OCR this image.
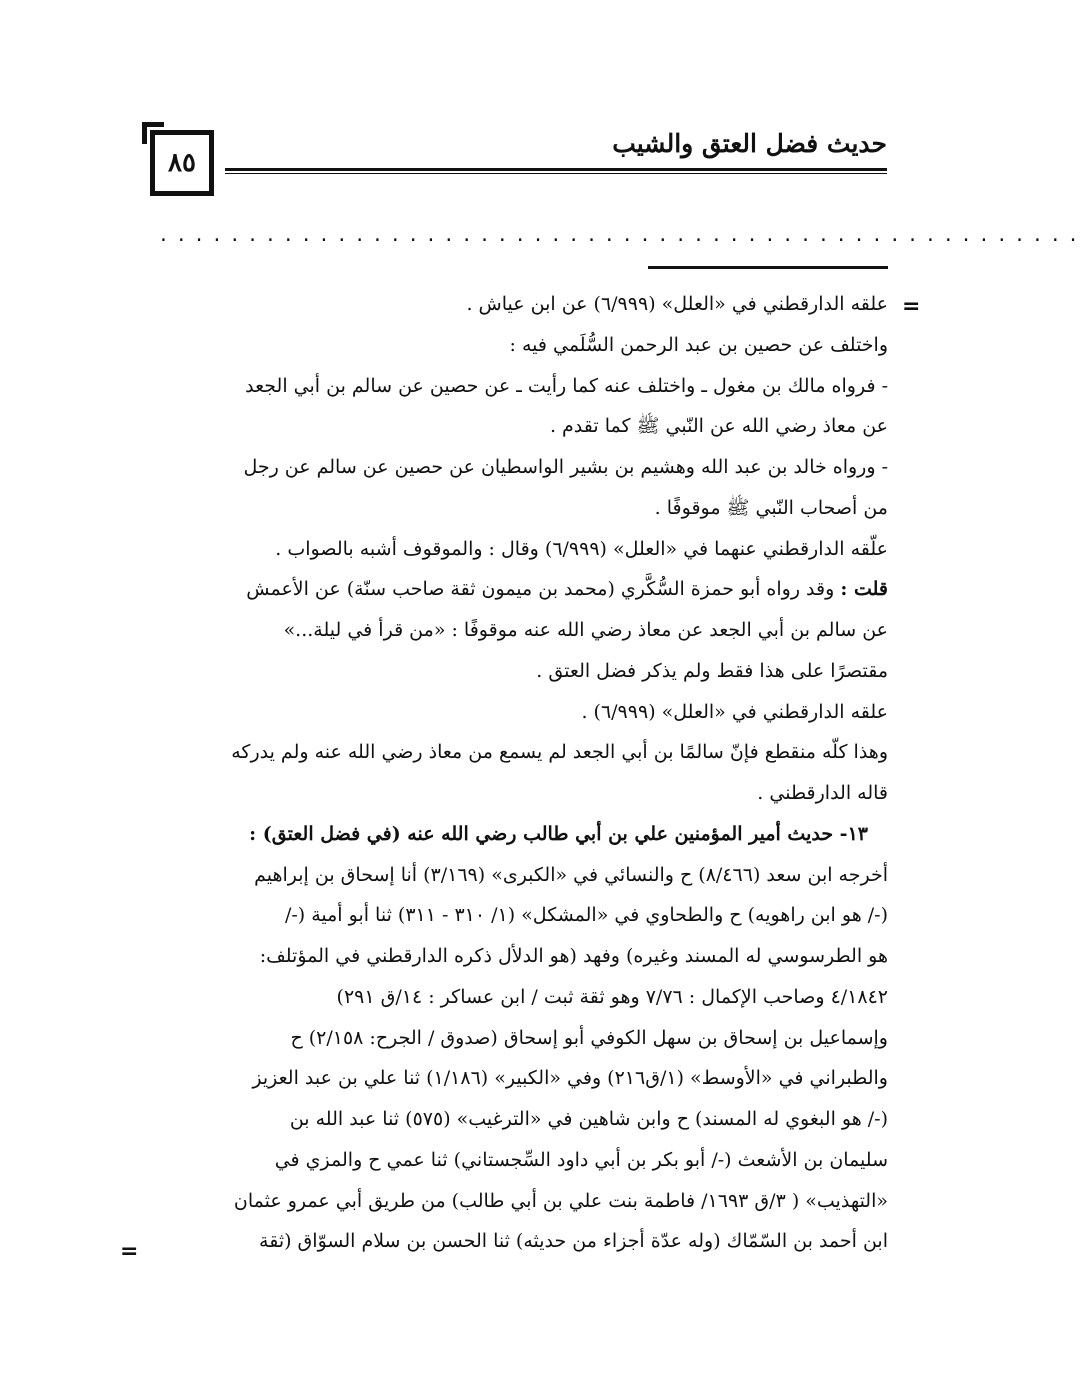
حديث فضل العتق والشيب
٨٥
....................................................
=
=
علقه الدارقطني في «العلل» (٦/٩٩٩) عن ابن عياش .
واختلف عن حصين بن عبد الرحمن السُّلَمي فيه :
- فرواه مالك بن مغول ـ واختلف عنه كما رأيت ـ عن حصين عن سالم بن أبي الجعد
عن معاذ رضي الله عن النّبي ﷺ كما تقدم .
- ورواه خالد بن عبد الله وهشيم بن بشير الواسطيان عن حصين عن سالم عن رجل
من أصحاب النّبي ﷺ موقوفًا .
علّقه الدارقطني عنهما في «العلل» (٦/٩٩٩) وقال : والموقوف أشبه بالصواب .
قلت : وقد رواه أبو حمزة السُّكَّري (محمد بن ميمون ثقة صاحب سنّة) عن الأعمش
عن سالم بن أبي الجعد عن معاذ رضي الله عنه موقوفًا : «من قرأ في ليلة...»
مقتصرًا على هذا فقط ولم يذكر فضل العتق .
علقه الدارقطني في «العلل» (٦/٩٩٩) .
وهذا كلّه منقطع فإنّ سالمًا بن أبي الجعد لم يسمع من معاذ رضي الله عنه ولم يدركه
قاله الدارقطني .
١٣- حديث أمير المؤمنين علي بن أبي طالب رضي الله عنه (في فضل العتق) :
أخرجه ابن سعد (٨/٤٦٦) ح والنسائي في «الكبرى» (٣/١٦٩) أنا إسحاق بن إبراهيم
(-/ هو ابن راهويه) ح والطحاوي في «المشكل» (١/ ٣١٠ - ٣١١) ثنا أبو أمية (-/
هو الطرسوسي له المسند وغيره) وفهد (هو الدلأل ذكره الدارقطني في المؤتلف:
٤/١٨٤٢ وصاحب الإكمال : ٧/٧٦ وهو ثقة ثبت / ابن عساكر : ١٤/ق ٢٩١)
وإسماعيل بن إسحاق بن سهل الكوفي أبو إسحاق (صدوق / الجرح: ٢/١٥٨) ح
والطبراني في «الأوسط» (١/ق٢١٦) وفي «الكبير» (١/١٨٦) ثنا علي بن عبد العزيز
(-/ هو البغوي له المسند) ح وابن شاهين في «الترغيب» (٥٧٥) ثنا عبد الله بن
سليمان بن الأشعث (-/ أبو بكر بن أبي داود السِّجستاني) ثنا عمي ح والمزي في
«التهذيب» ( ٣/ق ١٦٩٣/ فاطمة بنت علي بن أبي طالب) من طريق أبي عمرو عثمان
ابن أحمد بن السّمّاك (وله عدّة أجزاء من حديثه) ثنا الحسن بن سلام السوّاق (ثقة
